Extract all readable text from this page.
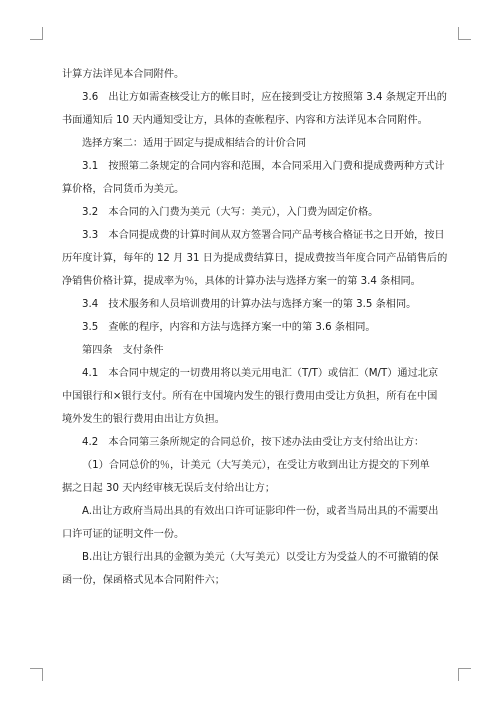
计算方法详见本合同附件。

3.6　出让方如需查核受让方的帐目时，应在接到受让方按照第 3.4 条规定开出的
书面通知后 10 天内通知受让方，具体的查帐程序、内容和方法详见本合同附件。

选择方案二：适用于固定与提成相结合的计价合同

3.1　按照第二条规定的合同内容和范围，本合同采用入门费和提成费两种方式计
算价格，合同货币为美元。

3.2　本合同的入门费为美元（大写：美元），入门费为固定价格。

3.3　本合同提成费的计算时间从双方签署合同产品考核合格证书之日开始，按日
历年度计算，每年的 12 月 31 日为提成费结算日，提成费按当年度合同产品销售后的
净销售价格计算，提成率为％，具体的计算办法与选择方案一的第 3.4 条相同。

3.4　技术服务和人员培训费用的计算办法与选择方案一的第 3.5 条相同。

3.5　查帐的程序，内容和方法与选择方案一中的第 3.6 条相同。

第四条　支付条件

4.1　本合同中规定的一切费用将以美元用电汇（T/T）或信汇（M/T）通过北京
中国银行和×银行支付。所有在中国境内发生的银行费用由受让方负担，所有在中国
境外发生的银行费用由出让方负担。

4.2　本合同第三条所规定的合同总价，按下述办法由受让方支付给出让方：

（1）合同总价的％，计美元（大写美元），在受让方收到出让方提交的下列单
据之日起 30 天内经审核无误后支付给出让方；

A.出让方政府当局出具的有效出口许可证影印件一份，或者当局出具的不需要出
口许可证的证明文件一份。

B.出让方银行出具的金额为美元（大写美元）以受让方为受益人的不可撤销的保
函一份，保函格式见本合同附件六；
